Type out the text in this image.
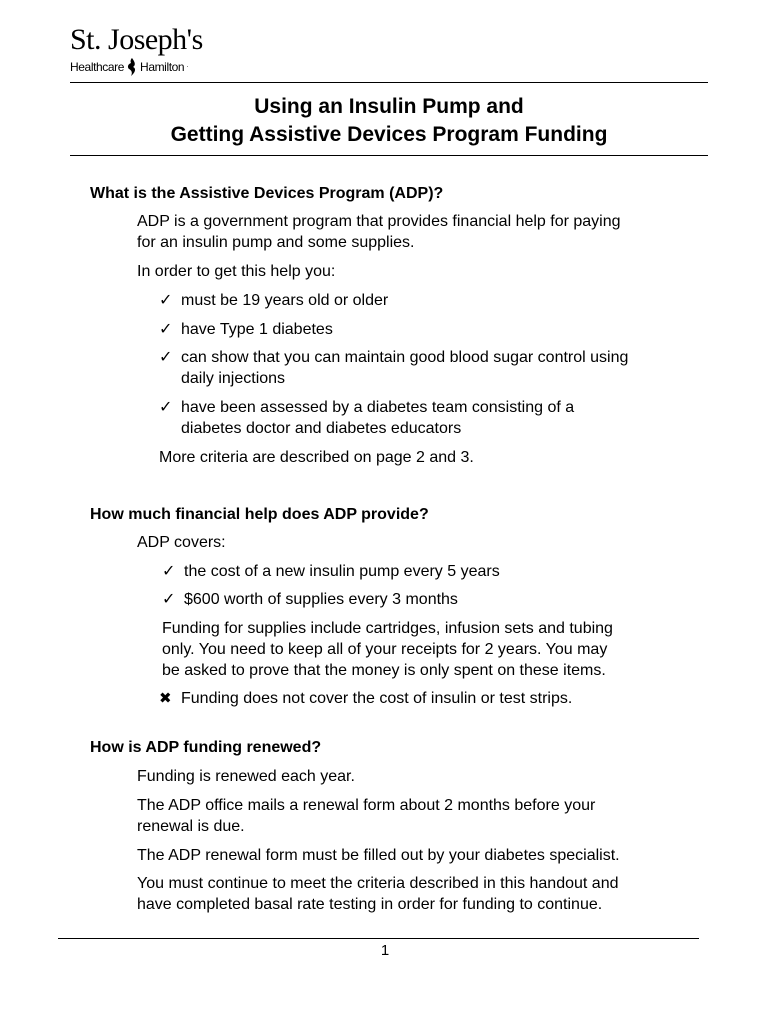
St. Joseph's
Healthcare Hamilton ·
Using an Insulin Pump and
Getting Assistive Devices Program Funding
What is the Assistive Devices Program (ADP)?
ADP is a government program that provides financial help for paying
for an insulin pump and some supplies.
In order to get this help you:
✓ must be 19 years old or older
✓ have Type 1 diabetes
✓ can show that you can maintain good blood sugar control using
daily injections
✓ have been assessed by a diabetes team consisting of a
diabetes doctor and diabetes educators
More criteria are described on page 2 and 3.
How much financial help does ADP provide?
ADP covers:
✓ the cost of a new insulin pump every 5 years
✓ $600 worth of supplies every 3 months
Funding for supplies include cartridges, infusion sets and tubing
only. You need to keep all of your receipts for 2 years. You may
be asked to prove that the money is only spent on these items.
✖ Funding does not cover the cost of insulin or test strips.
How is ADP funding renewed?
Funding is renewed each year.
The ADP office mails a renewal form about 2 months before your
renewal is due.
The ADP renewal form must be filled out by your diabetes specialist.
You must continue to meet the criteria described in this handout and
have completed basal rate testing in order for funding to continue.
1
